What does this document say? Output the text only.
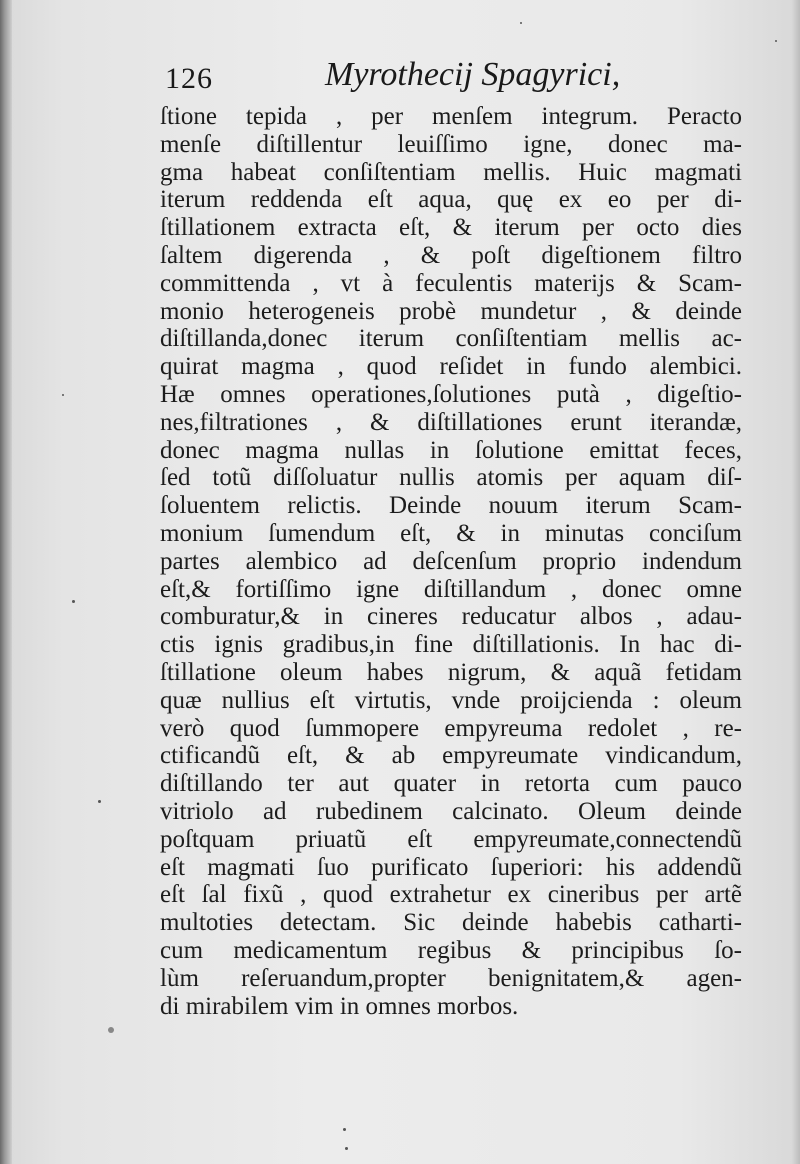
126	Myrothecij Spagyrici,
ſtione tepida , per menſem integrum. Peracto
menſe diſtillentur leuiſſimo igne, donec ma-
gma habeat conſiſtentiam mellis. Huic magmati
iterum reddenda eſt aqua, quę ex eo per di-
ſtillationem extracta eſt, & iterum per octo dies
ſaltem digerenda , & poſt digeſtionem filtro
committenda , vt à feculentis materijs & Scam-
monio heterogeneis probè mundetur , & deinde
diſtillanda,donec iterum conſiſtentiam mellis ac-
quirat magma , quod reſidet in fundo alembici.
Hæ omnes operationes,ſolutiones putà , digeſtio-
nes,filtrationes , & diſtillationes erunt iterandæ,
donec magma nullas in ſolutione emittat feces,
ſed totũ diſſoluatur nullis atomis per aquam diſ-
ſoluentem relictis. Deinde nouum iterum Scam-
monium ſumendum eſt, & in minutas conciſum
partes alembico ad deſcenſum proprio indendum
eſt,& fortiſſimo igne diſtillandum , donec omne
comburatur,& in cineres reducatur albos , adau-
ctis ignis gradibus,in fine diſtillationis. In hac di-
ſtillatione oleum habes nigrum, & aquã fetidam
quæ nullius eſt virtutis, vnde proijcienda : oleum
verò quod ſummopere empyreuma redolet , re-
ctificandũ eſt, & ab empyreumate vindicandum,
diſtillando ter aut quater in retorta cum pauco
vitriolo ad rubedinem calcinato. Oleum deinde
poſtquam priuatũ eſt empyreumate,connectendũ
eſt magmati ſuo purificato ſuperiori: his addendũ
eſt ſal fixũ , quod extrahetur ex cineribus per artẽ
multoties detectam. Sic deinde habebis catharti-
cum medicamentum regibus & principibus ſo-
lùm reſeruandum,propter benignitatem,& agen-
di mirabilem vim in omnes morbos.
